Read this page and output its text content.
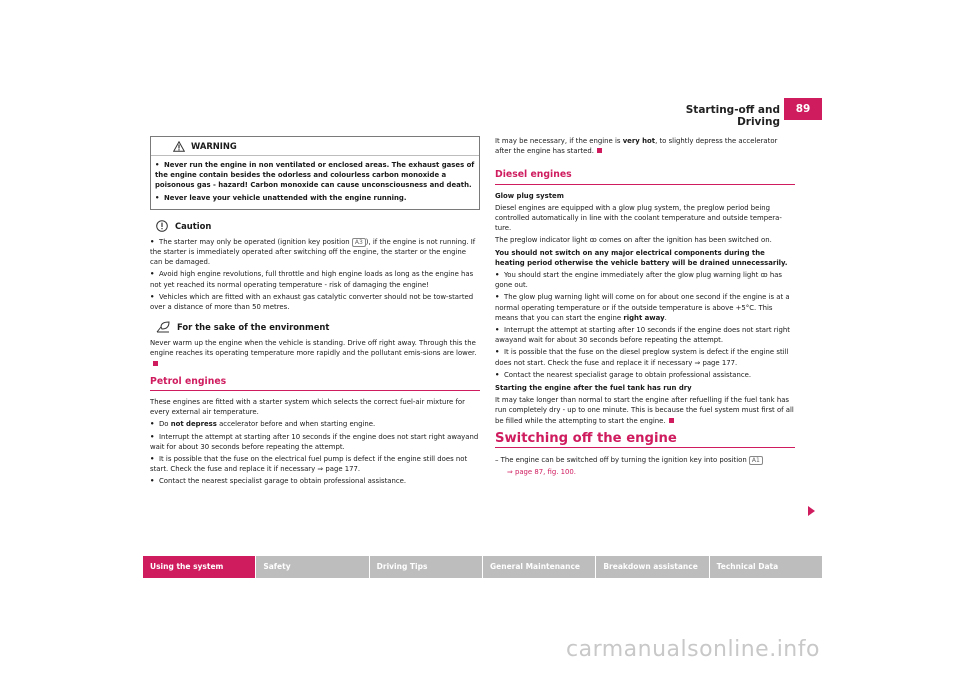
Starting-off and Driving
89
WARNING
• Never run the engine in non ventilated or enclosed areas. The exhaust gases of the engine contain besides the odorless and colourless carbon monoxide a poisonous gas - hazard! Carbon monoxide can cause unconsciousness and death.
• Never leave your vehicle unattended with the engine running.
Caution
• The starter may only be operated (ignition key position A3 ), if the engine is not running. If the starter is immediately operated after switching off the engine, the starter or the engine can be damaged.
• Avoid high engine revolutions, full throttle and high engine loads as long as the engine has not yet reached its normal operating temperature - risk of damaging the engine!
• Vehicles which are fitted with an exhaust gas catalytic converter should not be tow-started over a distance of more than 50 metres.
For the sake of the environment

Never warm up the engine when the vehicle is standing. Drive off right away. Through this the engine reaches its operating temperature more rapidly and the pollutant emis-sions are lower.

Petrol engines

These engines are fitted with a starter system which selects the correct fuel-air mixture for every external air temperature.

• Do not depress accelerator before and when starting engine.
• Interrupt the attempt at starting after 10 seconds if the engine does not start right awayand wait for about 30 seconds before repeating the attempt.
• It is possible that the fuse on the electrical fuel pump is defect if the engine still does not start. Check the fuse and replace it if necessary ⇒ page 177.
• Contact the nearest specialist garage to obtain professional assistance.

It may be necessary, if the engine is very hot, to slightly depress the accelerator after the engine has started.

Diesel engines

Glow plug system

Diesel engines are equipped with a glow plug system, the preglow period being controlled automatically in line with the coolant temperature and outside tempera-ture.

The preglow indicator light ꝏ comes on after the ignition has been switched on.

You should not switch on any major electrical components during the heating period otherwise the vehicle battery will be drained unnecessarily.

• You should start the engine immediately after the glow plug warning light ꝏ has gone out.
• The glow plug warning light will come on for about one second if the engine is at a normal operating temperature or if the outside temperature is above +5°C. This means that you can start the engine right away.
• Interrupt the attempt at starting after 10 seconds if the engine does not start right awayand wait for about 30 seconds before repeating the attempt.
• It is possible that the fuse on the diesel preglow system is defect if the engine still does not start. Check the fuse and replace it if necessary ⇒ page 177.
• Contact the nearest specialist garage to obtain professional assistance.

Starting the engine after the fuel tank has run dry

It may take longer than normal to start the engine after refuelling if the fuel tank has run completely dry - up to one minute. This is because the fuel system must first of all be filled while the attempting to start the engine.

Switching off the engine

– The engine can be switched off by turning the ignition key into position A1

⇒ page 87, fig. 100.

Using the system	Safety	Driving Tips	General Maintenance	Breakdown assistance	Technical Data
carmanualsonline.info
